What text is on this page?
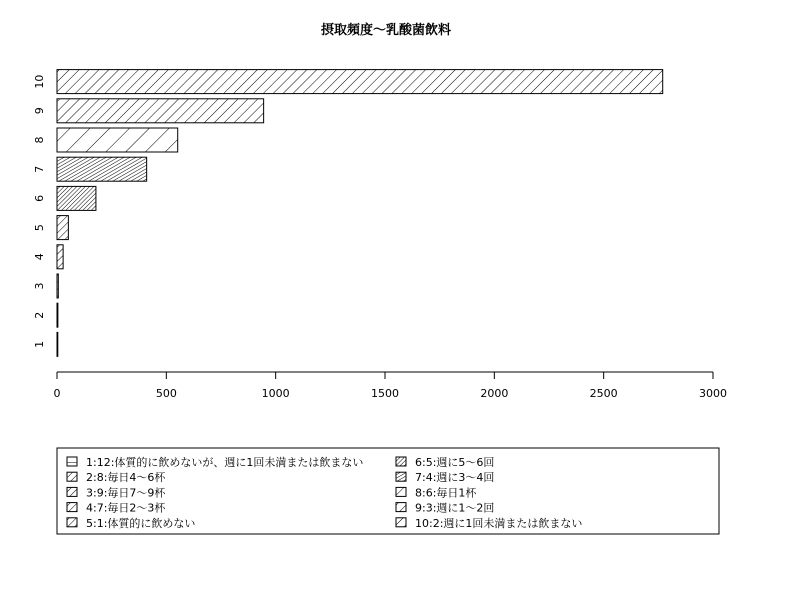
摂取頻度〜乳酸菌飲料
1
2
3
4
5
6
7
8
9
10
0	500	1000	1500	2000	2500	3000
1:12:体質的に飲めないが、週に1回未満または飲まない
2:8:毎日4〜6杯
3:9:毎日7〜9杯
4:7:毎日2〜3杯
5:1:体質的に飲めない
6:5:週に5〜6回
7:4:週に3〜4回
8:6:毎日1杯
9:3:週に1〜2回
10:2:週に1回未満または飲まない
